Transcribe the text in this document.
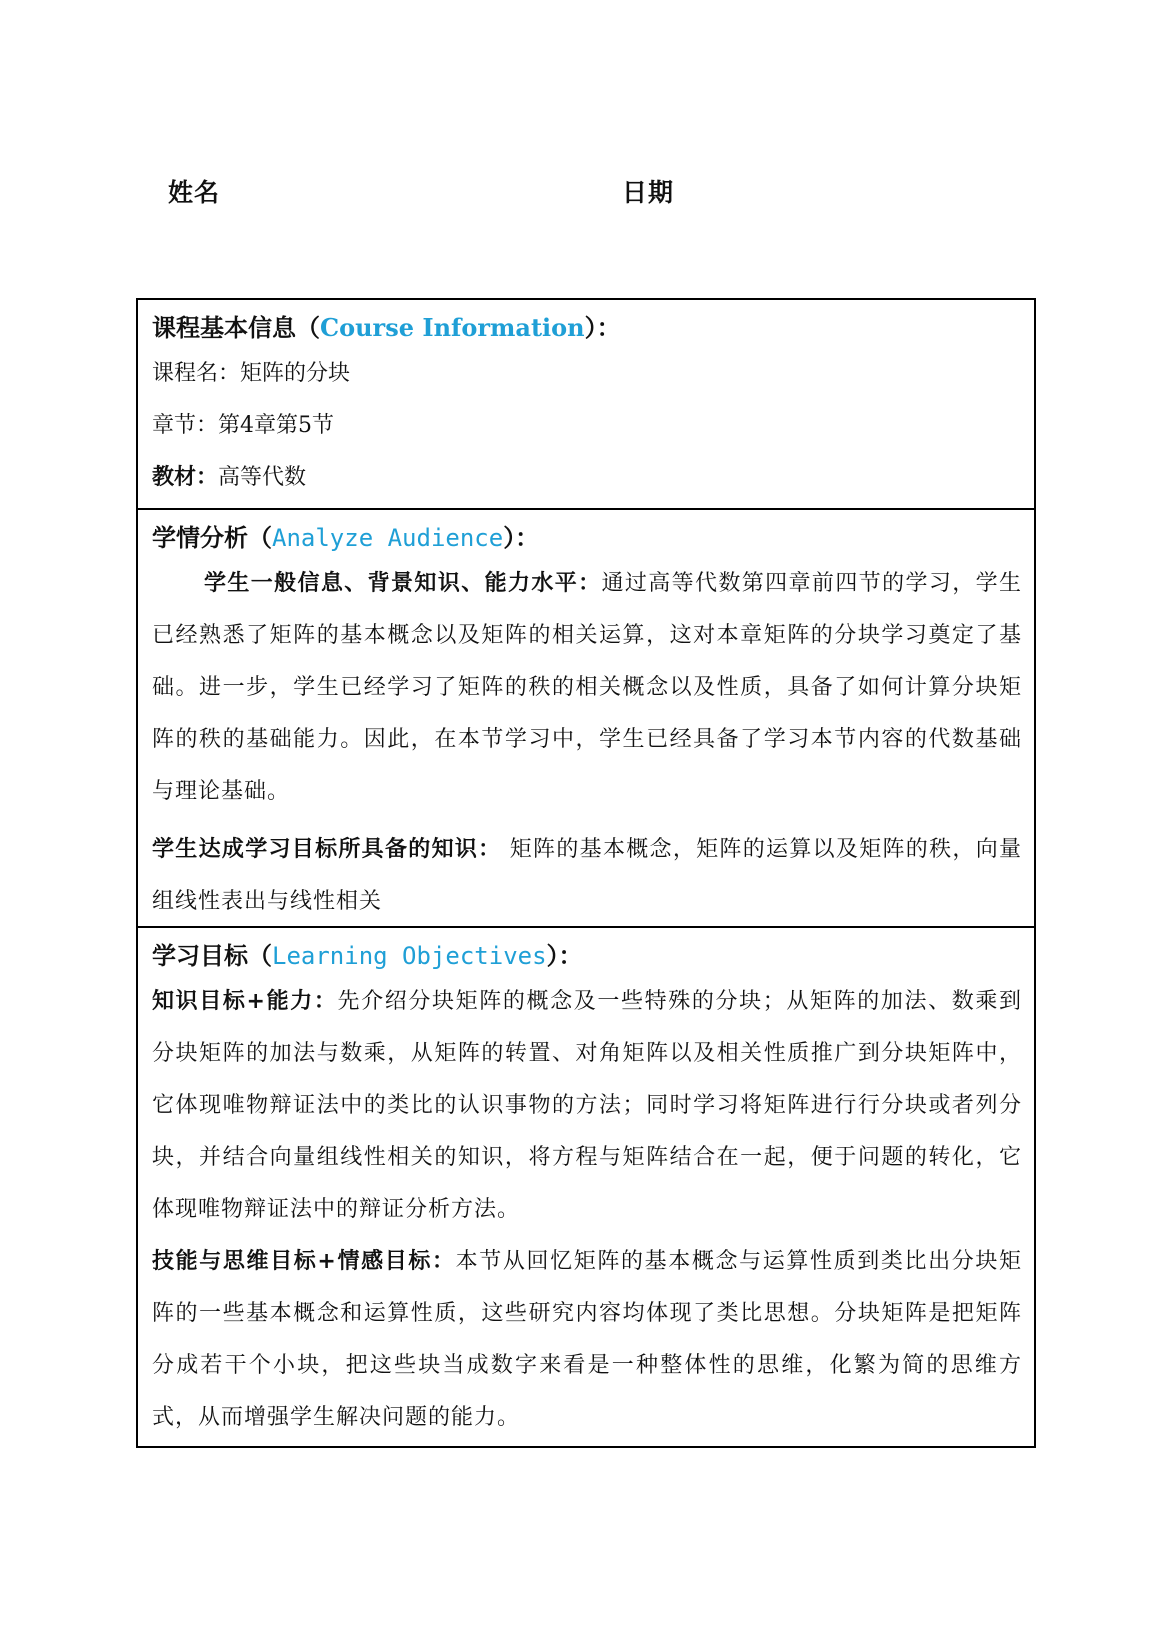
姓名	日期
课程基本信息（Course Information）：
课程名：矩阵的分块
章节：第4章第5节
教材：高等代数
学情分析（Analyze Audience）：
学生一般信息、背景知识、能力水平：通过高等代数第四章前四节的学习，学生已经熟悉了矩阵的基本概念以及矩阵的相关运算，这对本章矩阵的分块学习奠定了基础。进一步，学生已经学习了矩阵的秩的相关概念以及性质，具备了如何计算分块矩阵的秩的基础能力。因此，在本节学习中，学生已经具备了学习本节内容的代数基础与理论基础。
学生达成学习目标所具备的知识： 矩阵的基本概念，矩阵的运算以及矩阵的秩，向量组线性表出与线性相关
学习目标（Learning Objectives）：
知识目标+能力：先介绍分块矩阵的概念及一些特殊的分块；从矩阵的加法、数乘到分块矩阵的加法与数乘，从矩阵的转置、对角矩阵以及相关性质推广到分块矩阵中，它体现唯物辩证法中的类比的认识事物的方法；同时学习将矩阵进行行分块或者列分块，并结合向量组线性相关的知识，将方程与矩阵结合在一起，便于问题的转化，它体现唯物辩证法中的辩证分析方法。
技能与思维目标+情感目标：本节从回忆矩阵的基本概念与运算性质到类比出分块矩阵的一些基本概念和运算性质，这些研究内容均体现了类比思想。分块矩阵是把矩阵分成若干个小块，把这些块当成数字来看是一种整体性的思维，化繁为简的思维方式，从而增强学生解决问题的能力。
